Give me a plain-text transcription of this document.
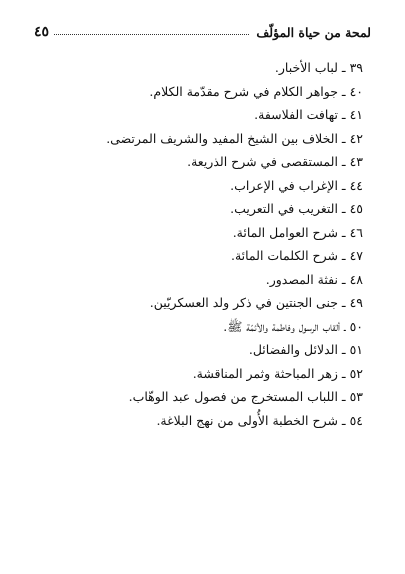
لمحة من حياة المؤلّف
٤٥
٣٩ ـ لباب الأخبار.
٤٠ ـ جواهر الكلام في شرح مقدّمة الكلام.
٤١ ـ تهافت الفلاسفة.
٤٢ ـ الخلاف بين الشيخ المفيد والشريف المرتضى.
٤٣ ـ المستقصى في شرح الذريعة.
٤٤ ـ الإغراب في الإعراب.
٤٥ ـ التغريب في التعريب.
٤٦ ـ شرح العوامل المائة.
٤٧ ـ شرح الكلمات المائة.
٤٨ ـ نفثة المصدور.
٤٩ ـ جنى الجنتين في ذكر ولد العسكريّين.
٥٠ ـ ألقاب الرسول وفاطمة والأئمّة ﷺ.
٥١ ـ الدلائل والفضائل.
٥٢ ـ زهر المباحثة وثمر المناقشة.
٥٣ ـ اللباب المستخرج من فصول عبد الوهّاب.
٥٤ ـ شرح الخطبة الأُولى من نهج البلاغة.
